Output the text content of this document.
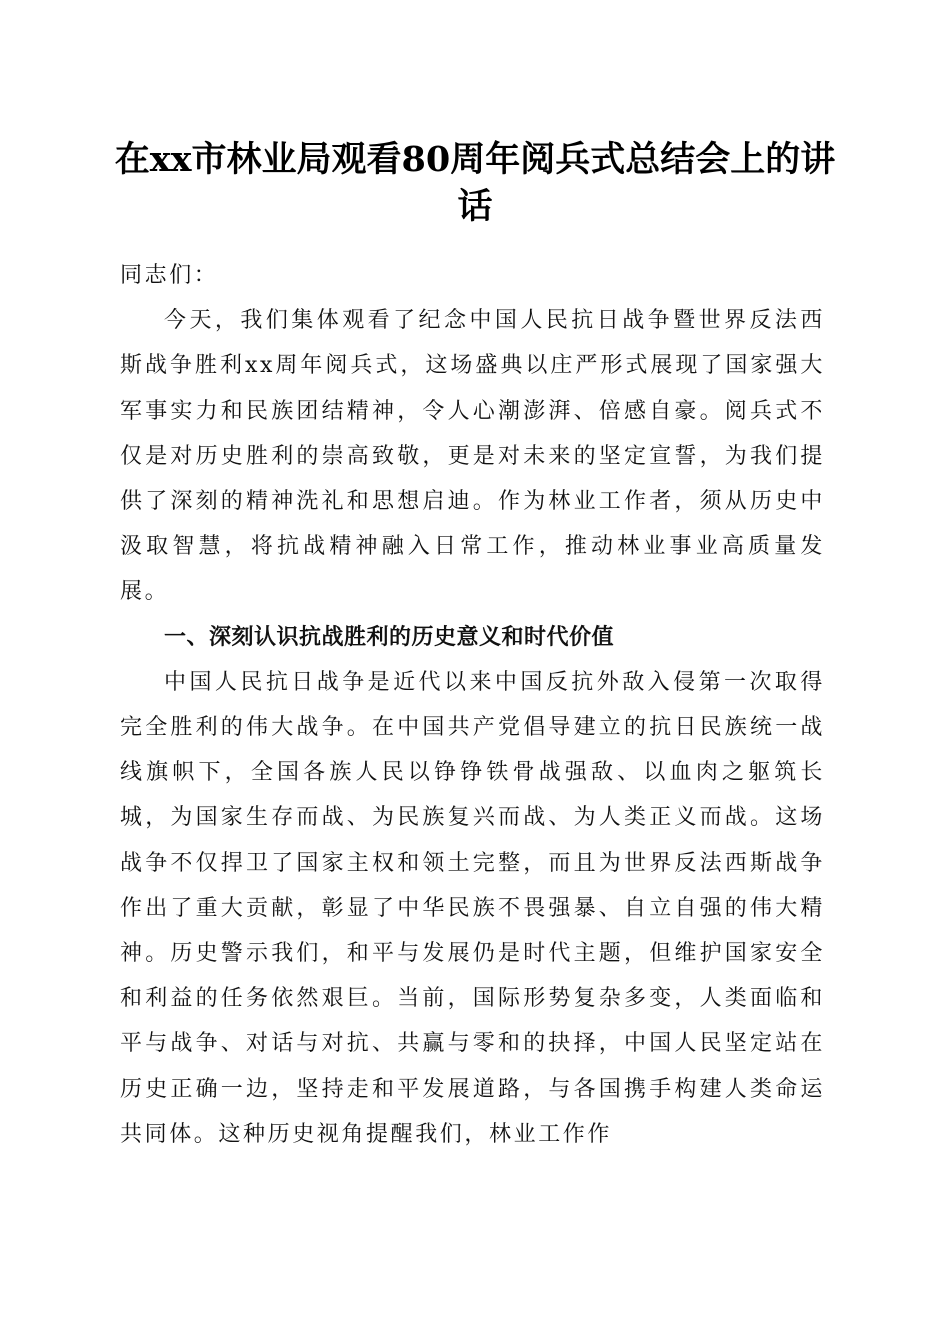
在xx市林业局观看80周年阅兵式总结会上的讲话

同志们：

今天，我们集体观看了纪念中国人民抗日战争暨世界反法西斯战争胜利xx周年阅兵式，这场盛典以庄严形式展现了国家强大军事实力和民族团结精神，令人心潮澎湃、倍感自豪。阅兵式不仅是对历史胜利的崇高致敬，更是对未来的坚定宣誓，为我们提供了深刻的精神洗礼和思想启迪。作为林业工作者，须从历史中汲取智慧，将抗战精神融入日常工作，推动林业事业高质量发展。

一、深刻认识抗战胜利的历史意义和时代价值

中国人民抗日战争是近代以来中国反抗外敌入侵第一次取得完全胜利的伟大战争。在中国共产党倡导建立的抗日民族统一战线旗帜下，全国各族人民以铮铮铁骨战强敌、以血肉之躯筑长城，为国家生存而战、为民族复兴而战、为人类正义而战。这场战争不仅捍卫了国家主权和领土完整，而且为世界反法西斯战争作出了重大贡献，彰显了中华民族不畏强暴、自立自强的伟大精神。历史警示我们，和平与发展仍是时代主题，但维护国家安全和利益的任务依然艰巨。当前，国际形势复杂多变，人类面临和平与战争、对话与对抗、共赢与零和的抉择，中国人民坚定站在历史正确一边，坚持走和平发展道路，与各国携手构建人类命运共同体。这种历史视角提醒我们，林业工作作
